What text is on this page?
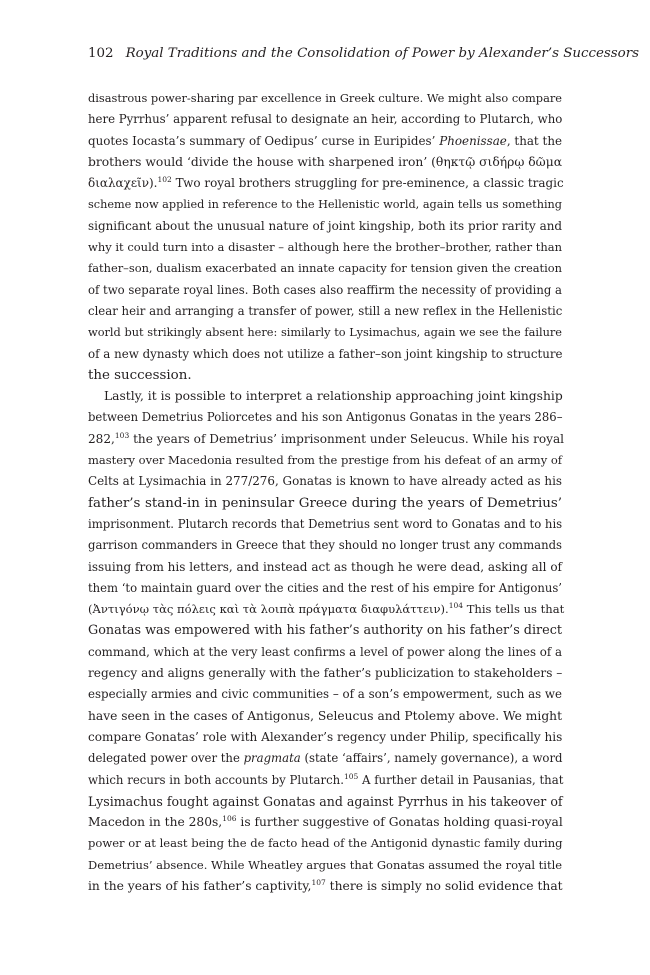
102 Royal Traditions and the Consolidation of Power by Alexander’s Successors
disastrous power-sharing par excellence in Greek culture. We might also compare
here Pyrrhus’ apparent refusal to designate an heir, according to Plutarch, who
quotes Iocasta’s summary of Oedipus’ curse in Euripides’ Phoenissae, that the
brothers would ‘divide the house with sharpened iron’ (θηκτῷ σιδήρῳ δῶμα
διαλαχεῖν).$^{102}$ Two royal brothers struggling for pre-eminence, a classic tragic
scheme now applied in reference to the Hellenistic world, again tells us something
significant about the unusual nature of joint kingship, both its prior rarity and
why it could turn into a disaster – although here the brother–brother, rather than
father–son, dualism exacerbated an innate capacity for tension given the creation
of two separate royal lines. Both cases also reaffirm the necessity of providing a
clear heir and arranging a transfer of power, still a new reflex in the Hellenistic
world but strikingly absent here: similarly to Lysimachus, again we see the failure
of a new dynasty which does not utilize a father–son joint kingship to structure
the succession.
Lastly, it is possible to interpret a relationship approaching joint kingship
between Demetrius Poliorcetes and his son Antigonus Gonatas in the years 286–
282,$^{103}$ the years of Demetrius’ imprisonment under Seleucus. While his royal
mastery over Macedonia resulted from the prestige from his defeat of an army of
Celts at Lysimachia in 277/276, Gonatas is known to have already acted as his
father’s stand-in in peninsular Greece during the years of Demetrius’
imprisonment. Plutarch records that Demetrius sent word to Gonatas and to his
garrison commanders in Greece that they should no longer trust any commands
issuing from his letters, and instead act as though he were dead, asking all of
them ‘to maintain guard over the cities and the rest of his empire for Antigonus’
(Ἀντιγόνῳ τὰς πόλεις καὶ τὰ λοιπὰ πράγματα διαφυλάττειν).$^{104}$ This tells us that
Gonatas was empowered with his father’s authority on his father’s direct
command, which at the very least confirms a level of power along the lines of a
regency and aligns generally with the father’s publicization to stakeholders –
especially armies and civic communities – of a son’s empowerment, such as we
have seen in the cases of Antigonus, Seleucus and Ptolemy above. We might
compare Gonatas’ role with Alexander’s regency under Philip, specifically his
delegated power over the pragmata (state ‘affairs’, namely governance), a word
which recurs in both accounts by Plutarch.$^{105}$ A further detail in Pausanias, that
Lysimachus fought against Gonatas and against Pyrrhus in his takeover of
Macedon in the 280s,$^{106}$ is further suggestive of Gonatas holding quasi-royal
power or at least being the de facto head of the Antigonid dynastic family during
Demetrius’ absence. While Wheatley argues that Gonatas assumed the royal title
in the years of his father’s captivity,$^{107}$ there is simply no solid evidence that
